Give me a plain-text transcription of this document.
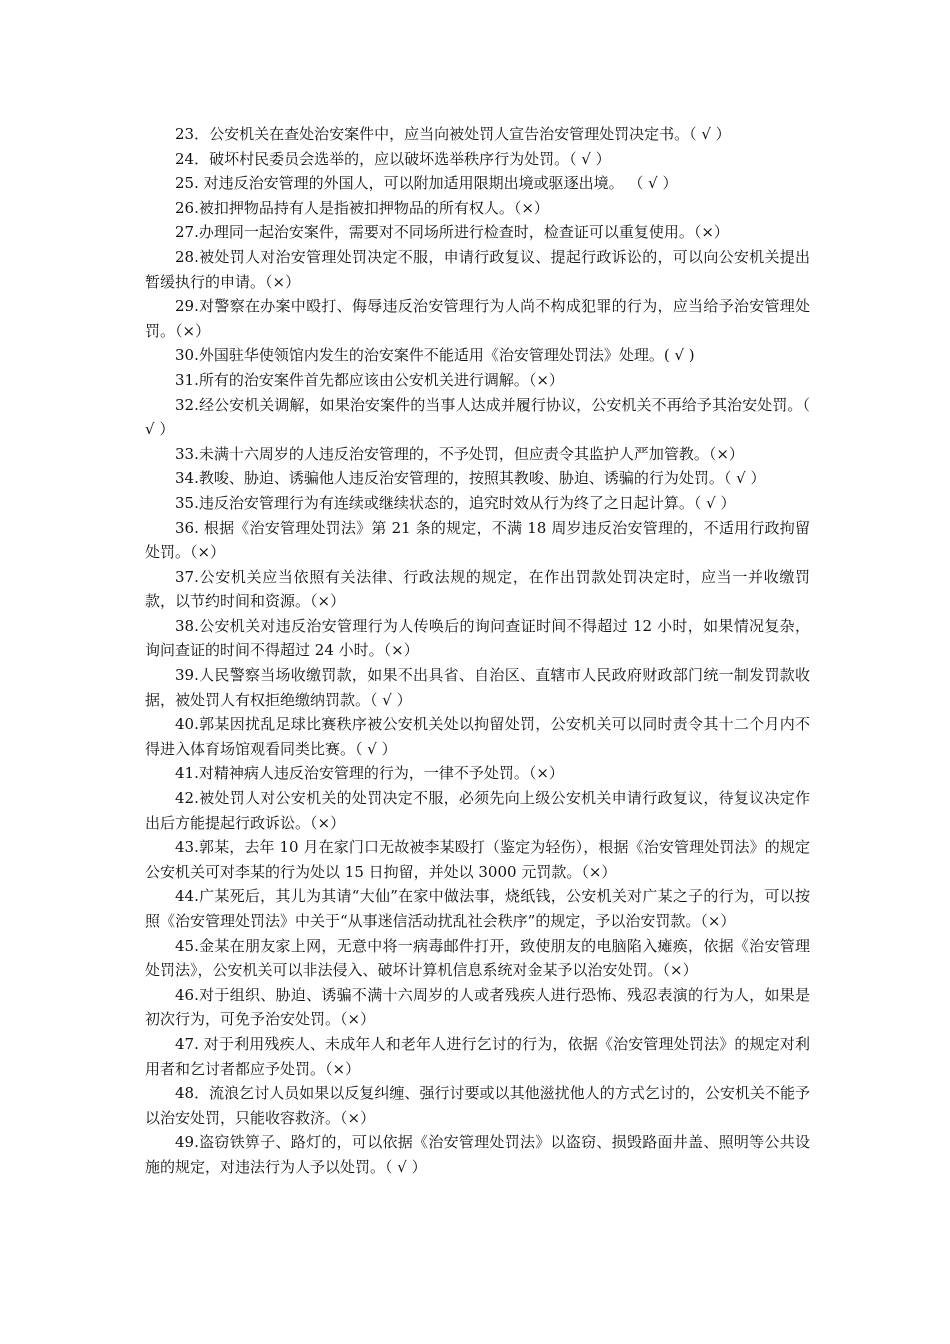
23．公安机关在查处治安案件中，应当向被处罚人宣告治安管理处罚决定书。（ √ ）

24．破坏村民委员会选举的，应以破坏选举秩序行为处罚。（ √ ）

25. 对违反治安管理的外国人，可以附加适用限期出境或驱逐出境。 （ √ ）

26.被扣押物品持有人是指被扣押物品的所有权人。（×）

27.办理同一起治安案件，需要对不同场所进行检查时，检查证可以重复使用。（×）

28.被处罚人对治安管理处罚决定不服，申请行政复议、提起行政诉讼的，可以向公安机关提出暂缓执行的申请。（×）

29.对警察在办案中殴打、侮辱违反治安管理行为人尚不构成犯罪的行为，应当给予治安管理处罚。（×）

30.外国驻华使领馆内发生的治安案件不能适用《治安管理处罚法》处理。( √ )

31.所有的治安案件首先都应该由公安机关进行调解。（×）

32.经公安机关调解，如果治安案件的当事人达成并履行协议，公安机关不再给予其治安处罚。（ √ ）

33.未满十六周岁的人违反治安管理的，不予处罚，但应责令其监护人严加管教。（×）

34.教唆、胁迫、诱骗他人违反治安管理的，按照其教唆、胁迫、诱骗的行为处罚。（ √ ）

35.违反治安管理行为有连续或继续状态的，追究时效从行为终了之日起计算。（ √ ）

36. 根据《治安管理处罚法》第 21 条的规定，不满 18 周岁违反治安管理的，不适用行政拘留处罚。（×）

37.公安机关应当依照有关法律、行政法规的规定，在作出罚款处罚决定时，应当一并收缴罚款，以节约时间和资源。（×）

38.公安机关对违反治安管理行为人传唤后的询问查证时间不得超过 12 小时，如果情况复杂，询问查证的时间不得超过 24 小时。（×）

39.人民警察当场收缴罚款，如果不出具省、自治区、直辖市人民政府财政部门统一制发罚款收据，被处罚人有权拒绝缴纳罚款。（ √ ）

40.郭某因扰乱足球比赛秩序被公安机关处以拘留处罚，公安机关可以同时责令其十二个月内不得进入体育场馆观看同类比赛。（ √ ）

41.对精神病人违反治安管理的行为，一律不予处罚。（×）

42.被处罚人对公安机关的处罚决定不服，必须先向上级公安机关申请行政复议，待复议决定作出后方能提起行政诉讼。（×）

43.郭某，去年 10 月在家门口无故被李某殴打（鉴定为轻伤），根据《治安管理处罚法》的规定公安机关可对李某的行为处以 15 日拘留，并处以 3000 元罚款。（×）

44.广某死后，其儿为其请“大仙”在家中做法事，烧纸钱，公安机关对广某之子的行为，可以按照《治安管理处罚法》中关于“从事迷信活动扰乱社会秩序”的规定，予以治安罚款。（×）

45.金某在朋友家上网，无意中将一病毒邮件打开，致使朋友的电脑陷入瘫痪，依据《治安管理处罚法》，公安机关可以非法侵入、破坏计算机信息系统对金某予以治安处罚。（×）

46.对于组织、胁迫、诱骗不满十六周岁的人或者残疾人进行恐怖、残忍表演的行为人，如果是初次行为，可免予治安处罚。（×）

47. 对于利用残疾人、未成年人和老年人进行乞讨的行为，依据《治安管理处罚法》的规定对利用者和乞讨者都应予处罚。（×）

48．流浪乞讨人员如果以反复纠缠、强行讨要或以其他滋扰他人的方式乞讨的，公安机关不能予以治安处罚，只能收容救济。（×）

49.盗窃铁箅子、路灯的，可以依据《治安管理处罚法》以盗窃、损毁路面井盖、照明等公共设施的规定，对违法行为人予以处罚。（ √ ）
